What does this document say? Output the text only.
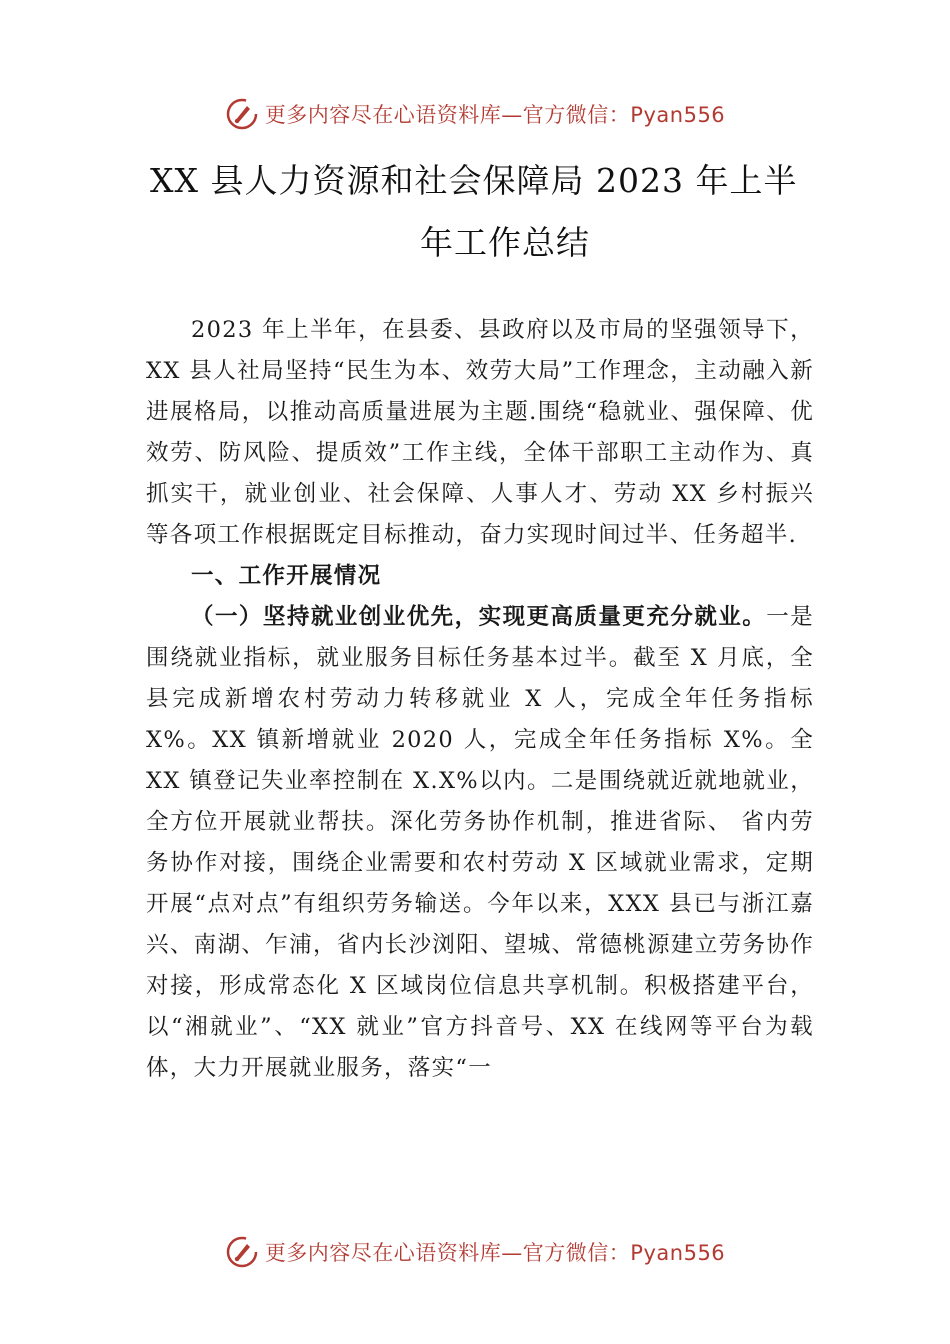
更多内容尽在心语资料库—官方微信：Pyan556
XX 县人力资源和社会保障局 2023 年上半
年工作总结

2023 年上半年，在县委、县政府以及市局的坚强领导下，XX 县人社局坚持“民生为本、效劳大局”工作理念，主动融入新进展格局，以推动高质量进展为主题.围绕“稳就业、强保障、优效劳、防风险、提质效”工作主线，全体干部职工主动作为、真抓实干，就业创业、社会保障、人事人才、劳动 XX 乡村振兴等各项工作根据既定目标推动，奋力实现时间过半、任务超半.

一、工作开展情况

（一）坚持就业创业优先，实现更高质量更充分就业。一是围绕就业指标，就业服务目标任务基本过半。截至 X 月底，全县完成新增农村劳动力转移就业 X 人，完成全年任务指标 X%。XX 镇新增就业 2020 人，完成全年任务指标 X%。全 XX 镇登记失业率控制在 X.X%以内。二是围绕就近就地就业，全方位开展就业帮扶。深化劳务协作机制，推进省际、 省内劳务协作对接，围绕企业需要和农村劳动 X 区域就业需求，定期开展“点对点”有组织劳务输送。今年以来，XXX 县已与浙江嘉兴、南湖、乍浦，省内长沙浏阳、望城、常德桃源建立劳务协作对接，形成常态化 X 区域岗位信息共享机制。积极搭建平台，以“湘就业”、“XX 就业”官方抖音号、XX 在线网等平台为载体，大力开展就业服务，落实“一

更多内容尽在心语资料库—官方微信：Pyan556
